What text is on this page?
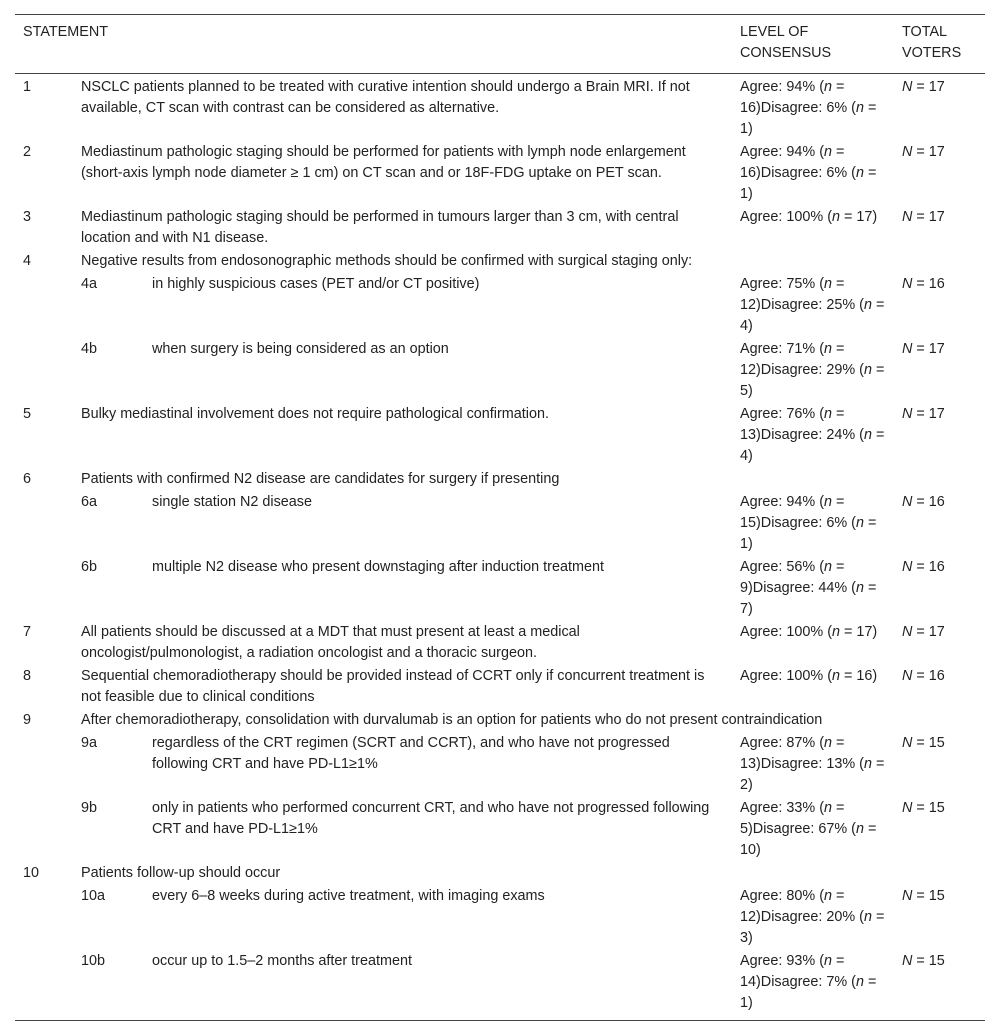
STATEMENT			LEVEL OF CONSENSUS	TOTAL VOTERS
1	NSCLC patients planned to be treated with curative intention should undergo a Brain MRI. If not available, CT scan with contrast can be considered as alternative.		Agree: 94% (n = 16)Disagree: 6% (n = 1)	N = 17
2	Mediastinum pathologic staging should be performed for patients with lymph node enlargement (short-axis lymph node diameter ≥ 1 cm) on CT scan and or 18F-FDG uptake on PET scan.		Agree: 94% (n = 16)Disagree: 6% (n = 1)	N = 17
3	Mediastinum pathologic staging should be performed in tumours larger than 3 cm, with central location and with N1 disease.		Agree: 100% (n = 17)	N = 17
4	Negative results from endosonographic methods should be confirmed with surgical staging only:			
	4a	in highly suspicious cases (PET and/or CT positive)	Agree: 75% (n = 12)Disagree: 25% (n = 4)	N = 16
	4b	when surgery is being considered as an option	Agree: 71% (n = 12)Disagree: 29% (n = 5)	N = 17
5	Bulky mediastinal involvement does not require pathological confirmation.		Agree: 76% (n = 13)Disagree: 24% (n = 4)	N = 17
6	Patients with confirmed N2 disease are candidates for surgery if presenting			
	6a	single station N2 disease	Agree: 94% (n = 15)Disagree: 6% (n = 1)	N = 16
	6b	multiple N2 disease who present downstaging after induction treatment	Agree: 56% (n = 9)Disagree: 44% (n = 7)	N = 16
7	All patients should be discussed at a MDT that must present at least a medical oncologist/pulmonologist, a radiation oncologist and a thoracic surgeon.		Agree: 100% (n = 17)	N = 17
8	Sequential chemoradiotherapy should be provided instead of CCRT only if concurrent treatment is not feasible due to clinical conditions		Agree: 100% (n = 16)	N = 16
9	After chemoradiotherapy, consolidation with durvalumab is an option for patients who do not present contraindication			
	9a	regardless of the CRT regimen (SCRT and CCRT), and who have not progressed following CRT and have PD-L1≥1%	Agree: 87% (n = 13)Disagree: 13% (n = 2)	N = 15
	9b	only in patients who performed concurrent CRT, and who have not progressed following CRT and have PD-L1≥1%	Agree: 33% (n = 5)Disagree: 67% (n = 10)	N = 15
10	Patients follow-up should occur			
	10a	every 6–8 weeks during active treatment, with imaging exams	Agree: 80% (n = 12)Disagree: 20% (n = 3)	N = 15
	10b	occur up to 1.5–2 months after treatment	Agree: 93% (n = 14)Disagree: 7% (n = 1)	N = 15
